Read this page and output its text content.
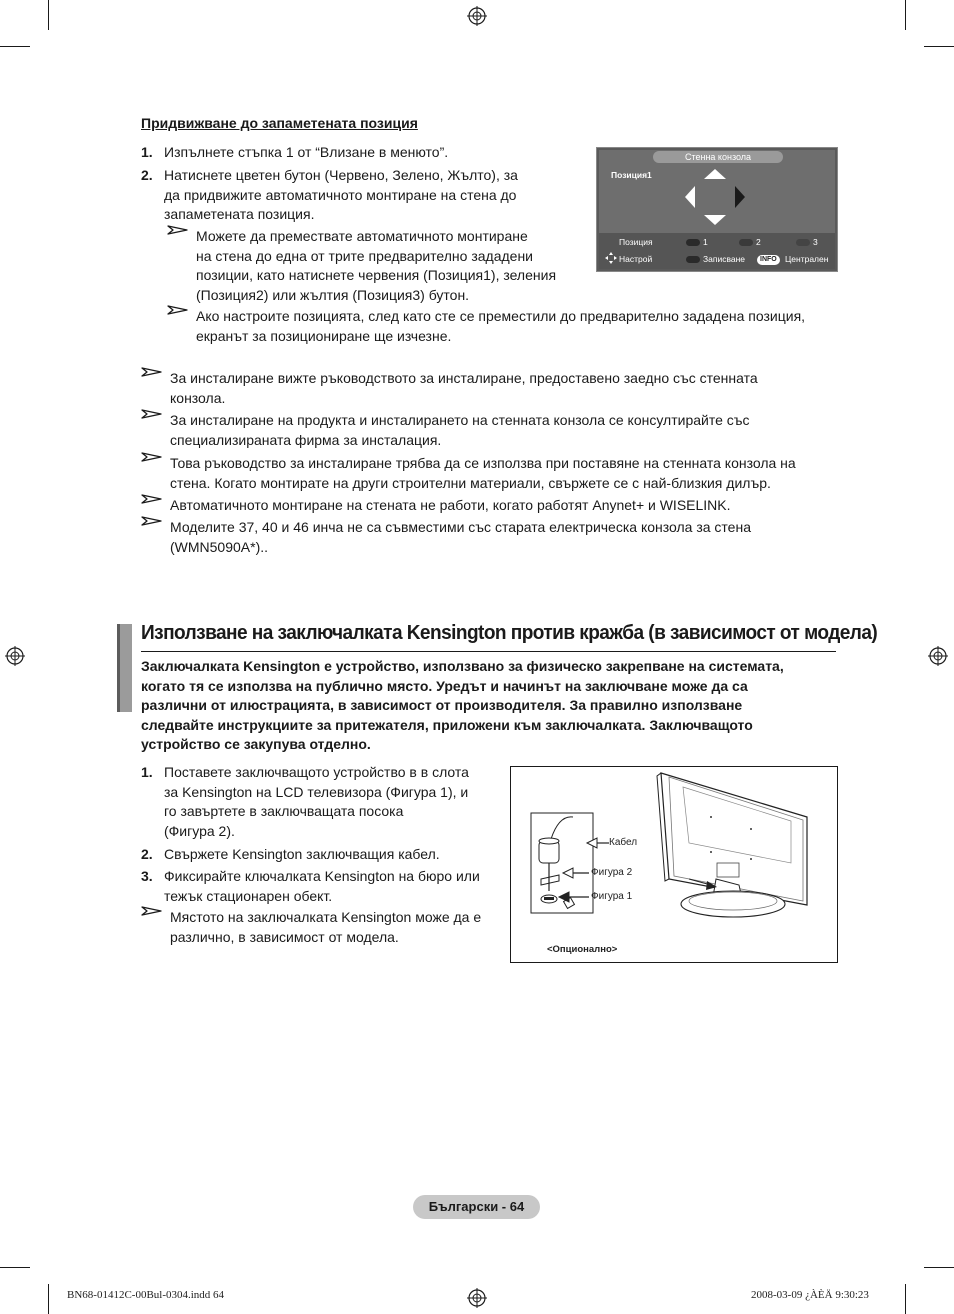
Придвижване до запаметената позиция
1. Изпълнете стъпка 1 от “Влизане в менюто”.
2. Натиснете цветен бутон (Червено, Зелено, Жълто), за
да придвижите автоматичното монтиране на стена до
запаметената позиция.
Можете да премествате автоматичното монтиране
на стена до една от трите предварително зададени
позиции, като натиснете червения (Позиция1), зеления
(Позиция2) или жълтия (Позиция3) бутон.
Ако настроите позицията, след като сте се преместили до предварително зададена позиция,
екранът за позициониране ще изчезне.
Стенна конзола
Позиция1
Позиция	1	2	3
Настрой	Записване	INFO Централен
За инсталиране вижте ръководството за инсталиране, предоставено заедно със стенната
конзола.
За инсталиране на продукта и инсталирането на стенната конзола се консултирайте със
специализираната фирма за инсталация.
Това ръководство за инсталиране трябва да се използва при поставяне на стенната конзола на
стена. Когато монтирате на други строителни материали, свържете се с най-близкия дилър.
Автоматичното монтиране на стената не работи, когато работят Anynet+ и WISELINK.
Моделите 37, 40 и 46 инча не са съвместими със старата електрическа конзола за стена
(WMN5090A*)..
Използване на заключалката Kensington против кражба (в зависимост от модела)
Заключалката Kensington е устройство, използвано за физическо закрепване на системата,
когато тя се използва на публично място. Уредът и начинът на заключване може да са
различни от илюстрацията, в зависимост от производителя. За правилно използване
следвайте инструкциите за притежателя, приложени към заключалката. Заключващото
устройство се закупува отделно.
1. Поставете заключващото устройство в в слота
за Kensington на LCD телевизора (Фигура 1), и
го завъртете в заключващата посока
(Фигура 2).
2. Свържете Kensington заключващия кабел.
3. Фиксирайте ключалката Kensington на бюро или
тежък стационарен обект.
Мястото на заключалката Kensington може да е
различно, в зависимост от модела.
Кабел
Фигура 2
Фигура 1
<Опционално>
Български - 64
BN68-01412C-00Bul-0304.indd 64	2008-03-09 ¿ÀÈÄ 9:30:23
